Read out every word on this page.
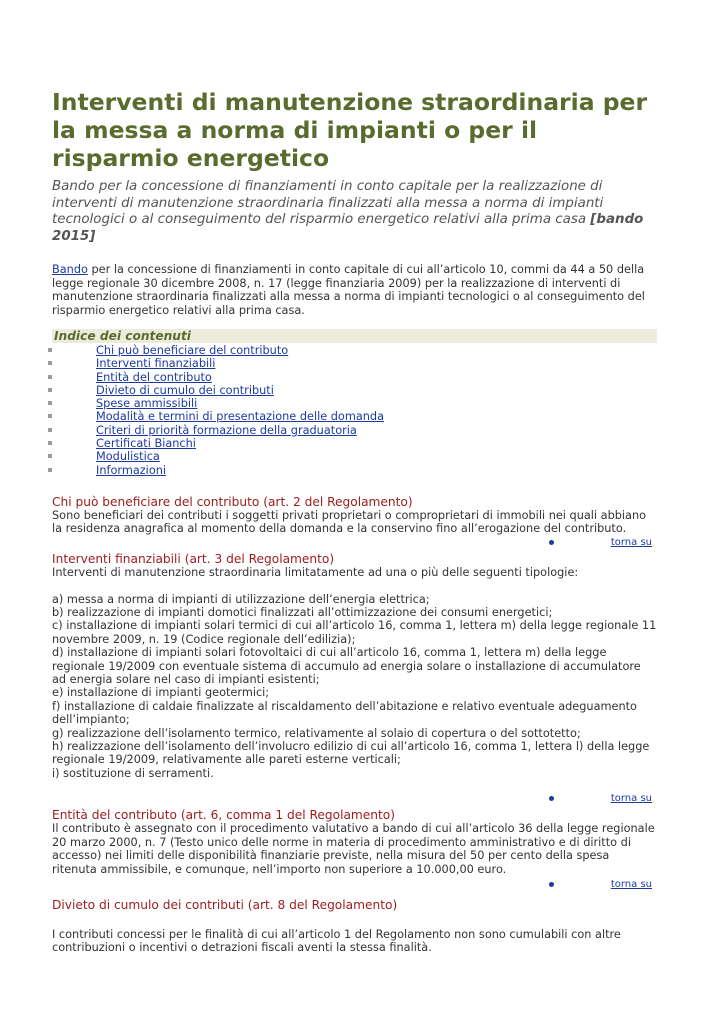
Interventi di manutenzione straordinaria per la messa a norma di impianti o per il risparmio energetico

Bando per la concessione di finanziamenti in conto capitale per la realizzazione di interventi di manutenzione straordinaria finalizzati alla messa a norma di impianti tecnologici o al conseguimento del risparmio energetico relativi alla prima casa [bando 2015]

Bando per la concessione di finanziamenti in conto capitale di cui all’articolo 10, commi da 44 a 50 della legge regionale 30 dicembre 2008, n. 17 (legge finanziaria 2009) per la realizzazione di interventi di manutenzione straordinaria finalizzati alla messa a norma di impianti tecnologici o al conseguimento del risparmio energetico relativi alla prima casa.

Indice dei contenuti
Chi può beneficiare del contributo
Interventi finanziabili
Entità del contributo
Divieto di cumulo dei contributi
Spese ammissibili
Modalità e termini di presentazione delle domanda
Criteri di priorità formazione della graduatoria
Certificati Bianchi
Modulistica
Informazioni
Chi può beneficiare del contributo (art. 2 del Regolamento)

Sono beneficiari dei contributi i soggetti privati proprietari o comproprietari di immobili nei quali abbiano la residenza anagrafica al momento della domanda e la conservino fino all’erogazione del contributo.

torna su
Interventi finanziabili (art. 3 del Regolamento)

Interventi di manutenzione straordinaria limitatamente ad una o più delle seguenti tipologie:

a) messa a norma di impianti di utilizzazione dell’energia elettrica;
b) realizzazione di impianti domotici finalizzati all’ottimizzazione dei consumi energetici;
c) installazione di impianti solari termici di cui all’articolo 16, comma 1, lettera m) della legge regionale 11 novembre 2009, n. 19 (Codice regionale dell’edilizia);
d) installazione di impianti solari fotovoltaici di cui all’articolo 16, comma 1, lettera m) della legge regionale 19/2009 con eventuale sistema di accumulo ad energia solare o installazione di accumulatore ad energia solare nel caso di impianti esistenti;
e) installazione di impianti geotermici;
f) installazione di caldaie finalizzate al riscaldamento dell’abitazione e relativo eventuale adeguamento dell’impianto;
g) realizzazione dell’isolamento termico, relativamente al solaio di copertura o del sottotetto;
h) realizzazione dell’isolamento dell’involucro edilizio di cui all’articolo 16, comma 1, lettera l) della legge regionale 19/2009, relativamente alle pareti esterne verticali;
i) sostituzione di serramenti.

torna su
Entità del contributo (art. 6, comma 1 del Regolamento)

Il contributo è assegnato con il procedimento valutativo a bando di cui all’articolo 36 della legge regionale 20 marzo 2000, n. 7 (Testo unico delle norme in materia di procedimento amministrativo e di diritto di accesso) nei limiti delle disponibilità finanziarie previste, nella misura del 50 per cento della spesa ritenuta ammissibile, e comunque, nell’importo non superiore a 10.000,00 euro.

torna su
Divieto di cumulo dei contributi (art. 8 del Regolamento)

I contributi concessi per le finalità di cui all’articolo 1 del Regolamento non sono cumulabili con altre contribuzioni o incentivi o detrazioni fiscali aventi la stessa finalità.
